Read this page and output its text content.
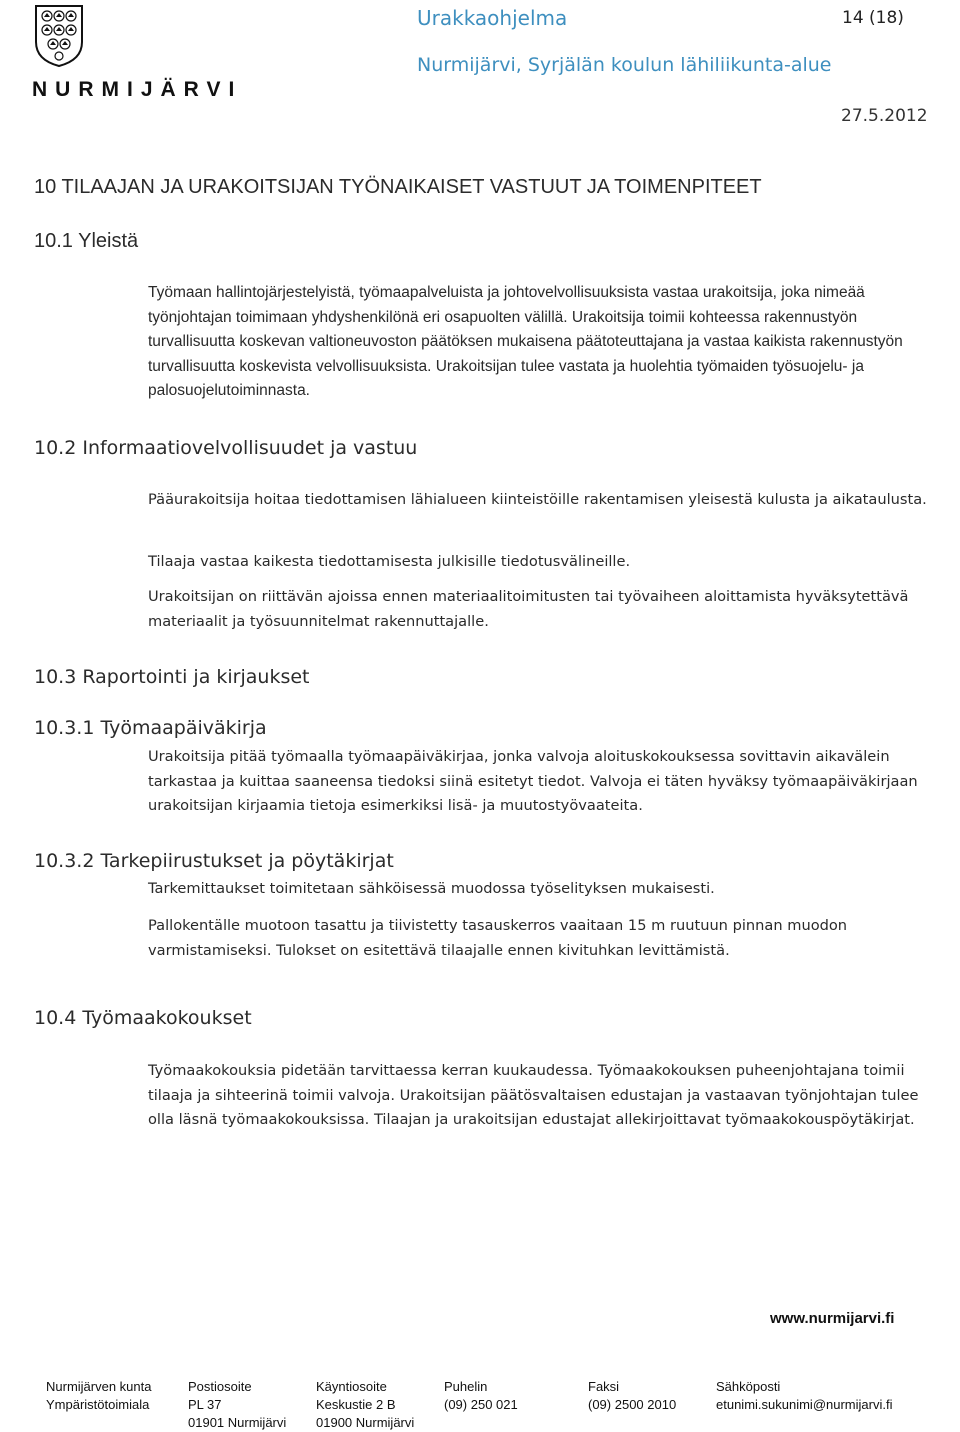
NURMIJÄRVI
Urakkaohjelma	14 (18)
Nurmijärvi, Syrjälän koulun lähiliikunta-alue
27.5.2012
10 TILAAJAN JA URAKOITSIJAN TYÖNAIKAISET VASTUUT JA TOIMENPITEET
10.1 Yleistä
Työmaan hallintojärjestelyistä, työmaapalveluista ja johtovelvollisuuksista vastaa urakoitsija, joka nimeää työnjohtajan toimimaan yhdyshenkilönä eri osapuolten välillä. Urakoitsija toimii kohteessa rakennustyön turvallisuutta koskevan valtioneuvoston päätöksen mukaisena päätoteuttajana ja vastaa kaikista rakennustyön turvallisuutta koskevista velvollisuuksista. Urakoitsijan tulee vastata ja huolehtia työmaiden työsuojelu- ja palosuojelutoiminnasta.
10.2 Informaatiovelvollisuudet ja vastuu
Pääurakoitsija hoitaa tiedottamisen lähialueen kiinteistöille rakentamisen yleisestä kulusta ja aikataulusta.
Tilaaja vastaa kaikesta tiedottamisesta julkisille tiedotusvälineille.
Urakoitsijan on riittävän ajoissa ennen materiaalitoimitusten tai työvaiheen aloittamista hyväksytettävä materiaalit ja työsuunnitelmat rakennuttajalle.
10.3 Raportointi ja kirjaukset
10.3.1 Työmaapäiväkirja
Urakoitsija pitää työmaalla työmaapäiväkirjaa, jonka valvoja aloituskokouksessa sovittavin aikavälein tarkastaa ja kuittaa saaneensa tiedoksi siinä esitetyt tiedot. Valvoja ei täten hyväksy työmaapäiväkirjaan urakoitsijan kirjaamia tietoja esimerkiksi lisä- ja muutostyövaateita.
10.3.2 Tarkepiirustukset ja pöytäkirjat
Tarkemittaukset toimitetaan sähköisessä muodossa työselityksen mukaisesti.
Pallokentälle muotoon tasattu ja tiivistetty tasauskerros vaaitaan 15 m ruutuun pinnan muodon varmistamiseksi. Tulokset on esitettävä tilaajalle ennen kivituhkan levittämistä.
10.4 Työmaakokoukset
Työmaakokouksia pidetään tarvittaessa kerran kuukaudessa. Työmaakokouksen puheenjohtajana toimii tilaaja ja sihteerinä toimii valvoja. Urakoitsijan päätösvaltaisen edustajan ja vastaavan työnjohtajan tulee olla läsnä työmaakokouksissa. Tilaajan ja urakoitsijan edustajat allekirjoittavat työmaakokouspöytäkirjat.
www.nurmijarvi.fi
Nurmijärven kunta
Ympäristötoimiala
Postiosoite
PL 37
01901 Nurmijärvi
Käyntiosoite
Keskustie 2 B
01900 Nurmijärvi
Puhelin
(09) 250 021
Faksi
(09) 2500 2010
Sähköposti
etunimi.sukunimi@nurmijarvi.fi
